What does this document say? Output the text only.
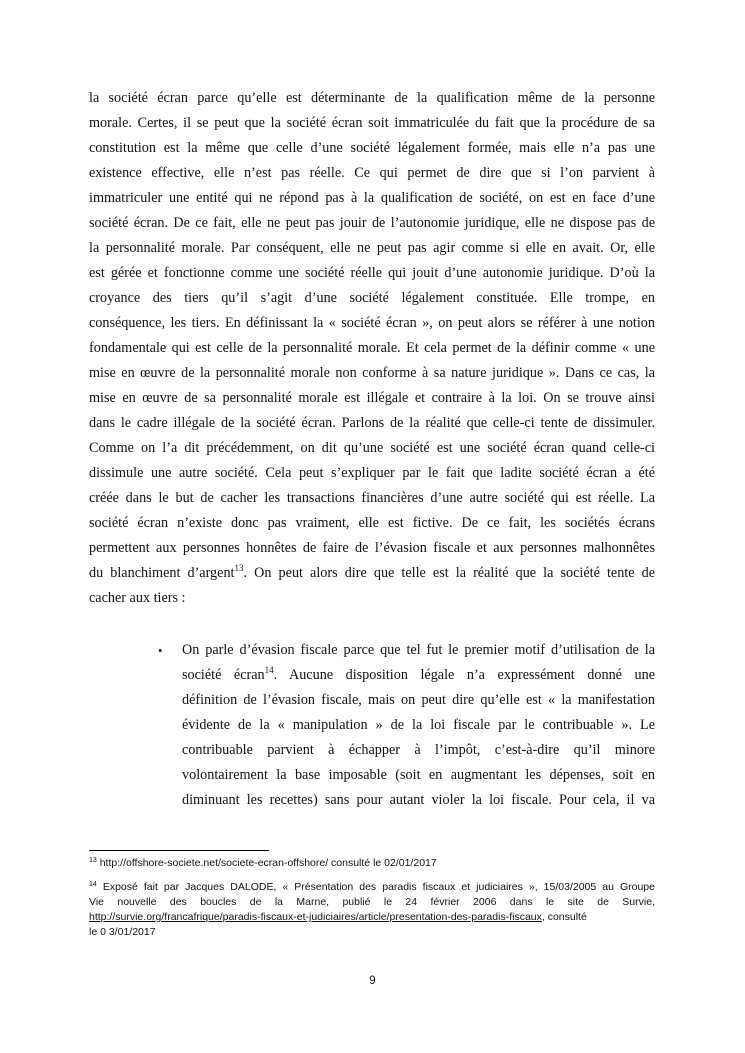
la société écran parce qu’elle est déterminante de la qualification même de la personne
morale. Certes, il se peut que la société écran soit immatriculée du fait que la procédure de sa
constitution est la même que celle d’une société légalement formée, mais elle n’a pas une
existence effective, elle n’est pas réelle. Ce qui permet de dire que si l’on parvient à
immatriculer une entité qui ne répond pas à la qualification de société, on est en face d’une
société écran. De ce fait, elle ne peut pas jouir de l’autonomie juridique, elle ne dispose pas de
la personnalité morale. Par conséquent, elle ne peut pas agir comme si elle en avait. Or, elle
est gérée et fonctionne comme une société réelle qui jouit d’une autonomie juridique. D’où la
croyance des tiers qu’il s’agit d’une société légalement constituée. Elle trompe, en
conséquence, les tiers. En définissant la « société écran », on peut alors se référer à une notion
fondamentale qui est celle de la personnalité morale. Et cela permet de la définir comme « une
mise en œuvre de la personnalité morale non conforme à sa nature juridique ». Dans ce cas, la
mise en œuvre de sa personnalité morale est illégale et contraire à la loi. On se trouve ainsi
dans le cadre illégale de la société écran. Parlons de la réalité que celle-ci tente de dissimuler.
Comme on l’a dit précédemment, on dit qu’une société est une société écran quand celle-ci
dissimule une autre société. Cela peut s’expliquer par le fait que ladite société écran a été
créée dans le but de cacher les transactions financières d’une autre société qui est réelle. La
société écran n’existe donc pas vraiment, elle est fictive. De ce fait, les sociétés écrans
permettent aux personnes honnêtes de faire de l’évasion fiscale et aux personnes malhonnêtes
du blanchiment d’argent$^{13}$. On peut alors dire que telle est la réalité que la société tente de
cacher aux tiers :
•	On parle d’évasion fiscale parce que tel fut le premier motif d’utilisation de la
société écran$^{14}$. Aucune disposition légale n’a expressément donné une
définition de l’évasion fiscale, mais on peut dire qu’elle est « la manifestation
évidente de la « manipulation » de la loi fiscale par le contribuable ». Le
contribuable parvient à échapper à l’impôt, c’est-à-dire qu’il minore
volontairement la base imposable (soit en augmentant les dépenses, soit en
diminuant les recettes) sans pour autant violer la loi fiscale. Pour cela, il va

$^{13}$ http://offshore-societe.net/societe-ecran-offshore/ consulté le 02/01/2017

$^{14}$ Exposé fait par Jacques DALODE, « Présentation des paradis fiscaux et judiciaires », 15/03/2005 au Groupe
Vie nouvelle des boucles de la Marne, publié le 24 février 2006 dans le site de Survie,
http://survie.org/francafrique/paradis-fiscaux-et-judiciaires/article/presentation-des-paradis-fiscaux, consulté
le 0 3/01/2017

9
